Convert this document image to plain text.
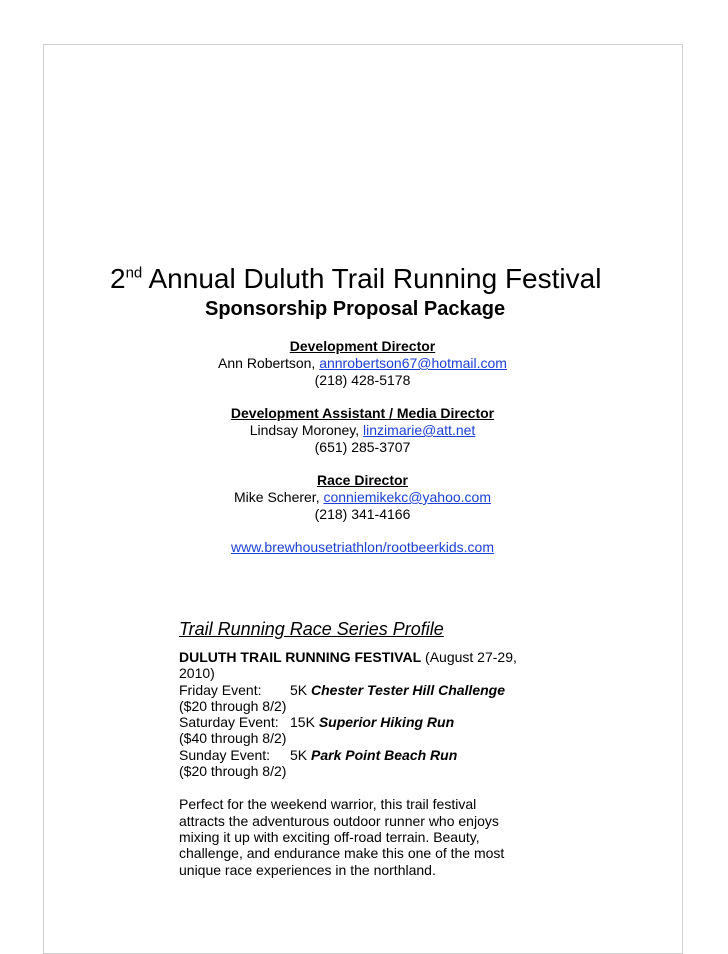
2nd Annual Duluth Trail Running Festival
Sponsorship Proposal Package
Development Director
Ann Robertson, annrobertson67@hotmail.com
(218) 428-5178
Development Assistant / Media Director
Lindsay Moroney, linzimarie@att.net
(651) 285-3707
Race Director
Mike Scherer, conniemikekc@yahoo.com
(218) 341-4166
www.brewhousetriathlon/rootbeerkids.com
Trail Running Race Series Profile
DULUTH TRAIL RUNNING FESTIVAL (August 27-29, 2010)
Friday Event: 5K Chester Tester Hill Challenge
($20 through 8/2)
Saturday Event: 15K Superior Hiking Run
($40 through 8/2)
Sunday Event: 5K Park Point Beach Run
($20 through 8/2)
Perfect for the weekend warrior, this trail festival attracts the adventurous outdoor runner who enjoys mixing it up with exciting off-road terrain. Beauty, challenge, and endurance make this one of the most unique race experiences in the northland.
